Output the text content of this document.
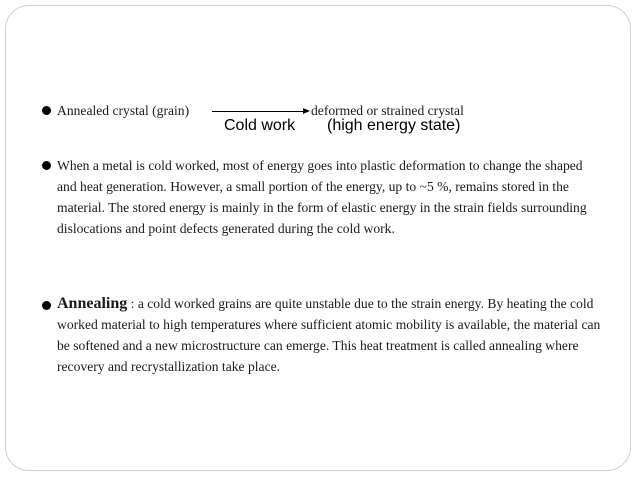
Annealed crystal (grain)	deformed or strained crystal
Cold work (high energy state)
When a metal is cold worked, most of energy goes into plastic deformation to change the shaped and heat generation. However, a small portion of the energy, up to ~5 %, remains stored in the material. The stored energy is mainly in the form of elastic energy in the strain fields surrounding dislocations and point defects generated during the cold work.
Annealing : a cold worked grains are quite unstable due to the strain energy. By heating the cold worked material to high temperatures where sufficient atomic mobility is available, the material can be softened and a new microstructure can emerge. This heat treatment is called annealing where recovery and recrystallization take place.
